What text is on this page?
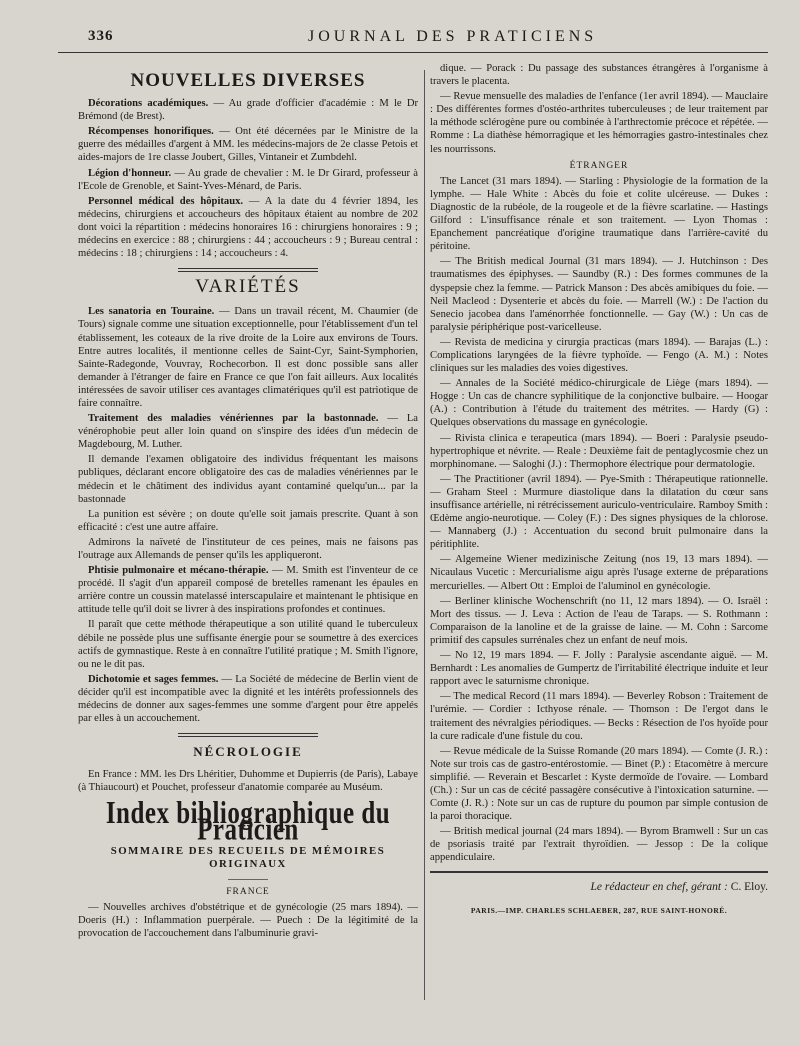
336	JOURNAL DES PRATICIENS
NOUVELLES DIVERSES

Décorations académiques. — Au grade d'officier d'académie : M le Dr Brémond (de Brest).

Récompenses honorifiques. — Ont été décernées par le Ministre de la guerre des médailles d'argent à MM. les médecins-majors de 2e classe Petois et aides-majors de 1re classe Joubert, Gilles, Vintaneir et Zumbdehl.

Légion d'honneur. — Au grade de chevalier : M. le Dr Girard, professeur à l'Ecole de Grenoble, et Saint-Yves-Ménard, de Paris.

Personnel médical des hôpitaux. — A la date du 4 février 1894, les médecins, chirurgiens et accoucheurs des hôpitaux étaient au nombre de 202 dont voici la répartition : médecins honoraires 16 : chirurgiens honoraires : 9 ; médecins en exercice : 88 ; chirurgiens : 44 ; accoucheurs : 9 ; Bureau central : médecins : 18 ; chirurgiens : 14 ; accoucheurs : 4.

VARIÉTÉS

Les sanatoria en Touraine. — Dans un travail récent, M. Chaumier (de Tours) signale comme une situation exceptionnelle, pour l'établissement d'un tel établissement, les coteaux de la rive droite de la Loire aux environs de Tours. Entre autres localités, il mentionne celles de Saint-Cyr, Saint-Symphorien, Sainte-Radegonde, Vouvray, Rochecorbon. Il est donc possible sans aller demander à l'étranger de faire en France ce que l'on fait ailleurs. Aux localités intéressées de savoir utiliser ces avantages climatériques qu'il est patriotique de faire connaître.

Traitement des maladies vénériennes par la bastonnade. — La vénérophobie peut aller loin quand on s'inspire des idées d'un médecin de Magdebourg, M. Luther.

Il demande l'examen obligatoire des individus fréquentant les maisons publiques, déclarant encore obligatoire des cas de maladies vénériennes par le médecin et le châtiment des individus ayant contaminé quelqu'un... par la bastonnade

La punition est sévère ; on doute qu'elle soit jamais prescrite. Quant à son efficacité : c'est une autre affaire.

Admirons la naïveté de l'instituteur de ces peines, mais ne faisons pas l'outrage aux Allemands de penser qu'ils les appliqueront.

Phtisie pulmonaire et mécano-thérapie. — M. Smith est l'inventeur de ce procédé. Il s'agit d'un appareil composé de bretelles ramenant les épaules en arrière contre un coussin matelassé interscapulaire et maintenant le phtisique en attitude telle qu'il doit se livrer à des inspirations profondes et continues.

Il paraît que cette méthode thérapeutique a son utilité quand le tuberculeux débile ne possède plus une suffisante énergie pour se soumettre à des exercices actifs de gymnastique. Reste à en connaître l'utilité pratique ; M. Smith l'ignore, ou ne le dit pas.

Dichotomie et sages femmes. — La Société de médecine de Berlin vient de décider qu'il est incompatible avec la dignité et les intérêts professionnels des médecins de donner aux sages-femmes une somme d'argent pour être appelés par elles à un accouchement.

NÉCROLOGIE

En France : MM. les Drs Lhéritier, Duhomme et Dupierris (de Paris), Labaye (à Thiaucourt) et Pouchet, professeur d'anatomie comparée au Muséum.

Index bibliographique du Praticien
SOMMAIRE DES RECUEILS DE MÉMOIRES ORIGINAUX
FRANCE

— Nouvelles archives d'obstétrique et de gynécologie (25 mars 1894). — Doeris (H.) : Inflammation puerpérale. — Puech : De la légitimité de la provocation de l'accouchement dans l'albuminurie gravi-

dique. — Porack : Du passage des substances étrangères à l'organisme à travers le placenta.

— Revue mensuelle des maladies de l'enfance (1er avril 1894). — Mauclaire : Des différentes formes d'ostéo-arthrites tuberculeuses ; de leur traitement par la méthode sclérogène pure ou combinée à l'arthrectomie précoce et répétée. — Romme : La diathèse hémorragique et les hémorragies gastro-intestinales chez les nourrissons.

ÉTRANGER

The Lancet (31 mars 1894). — Starling : Physiologie de la formation de la lymphe. — Hale White : Abcès du foie et colite ulcéreuse. — Dukes : Diagnostic de la rubéole, de la rougeole et de la fièvre scarlatine. — Hastings Gilford : L'insuffisance rénale et son traitement. — Lyon Thomas : Epanchement pancréatique d'origine traumatique dans l'arrière-cavité du péritoine.

— The British medical Journal (31 mars 1894). — J. Hutchinson : Des traumatismes des épiphyses. — Saundby (R.) : Des formes communes de la dyspepsie chez la femme. — Patrick Manson : Des abcès amibiques du foie. — Neil Macleod : Dysenterie et abcès du foie. — Marrell (W.) : De l'action du Senecio jacobea dans l'aménorrhée fonctionnelle. — Gay (W.) : Un cas de paralysie périphérique post-varicelleuse.

— Revista de medicina y cirurgia practicas (mars 1894). — Barajas (L.) : Complications laryngées de la fièvre typhoïde. — Fengo (A. M.) : Notes cliniques sur les maladies des voies digestives.

— Annales de la Société médico-chirurgicale de Liège (mars 1894). — Hogge : Un cas de chancre syphilitique de la conjonctive bulbaire. — Hoogar (A.) : Contribution à l'étude du traitement des métrites. — Hardy (G) : Quelques observations du massage en gynécologie.

— Rivista clinica e terapeutica (mars 1894). — Boeri : Paralysie pseudo-hypertrophique et névrite. — Reale : Deuxième fait de pentaglycosmie chez un morphinomane. — Saloghi (J.) : Thermophore électrique pour dermatologie.

— The Practitioner (avril 1894). — Pye-Smith : Thérapeutique rationnelle. — Graham Steel : Murmure diastolique dans la dilatation du cœur sans insuffisance artérielle, ni rétrécissement auriculo-ventriculaire. Ramboy Smith : Œdème angio-neurotique. — Coley (F.) : Des signes physiques de la chlorose. — Mannaberg (J.) : Accentuation du second bruit pulmonaire dans la péritiphlite.

— Algemeine Wiener medizinische Zeitung (nos 19, 13 mars 1894). — Nicaulaus Vucetic : Mercurialisme aigu après l'usage externe de préparations mercurielles. — Albert Ott : Emploi de l'aluminol en gynécologie.

— Berliner klinische Wochenschrift (no 11, 12 mars 1894). — O. Israël : Mort des tissus. — J. Leva : Action de l'eau de Taraps. — S. Rothmann : Comparaison de la lanoline et de la graisse de laine. — M. Cohn : Sarcome primitif des capsules surrénales chez un enfant de neuf mois.

— No 12, 19 mars 1894. — F. Jolly : Paralysie ascendante aiguë. — M. Bernhardt : Les anomalies de Gumpertz de l'irritabilité électrique induite et leur rapport avec le saturnisme chronique.

— The medical Record (11 mars 1894). — Beverley Robson : Traitement de l'urémie. — Cordier : Icthyose rénale. — Thomson : De l'ergot dans le traitement des névralgies périodiques. — Becks : Résection de l'os hyoïde pour la cure radicale d'une fistule du cou.

— Revue médicale de la Suisse Romande (20 mars 1894). — Comte (J. R.) : Note sur trois cas de gastro-entérostomie. — Binet (P.) : Etacomètre à mercure simplifié. — Reverain et Bescarlet : Kyste dermoïde de l'ovaire. — Lombard (Ch.) : Sur un cas de cécité passagère consécutive à l'intoxication saturnine. — Comte (J. R.) : Note sur un cas de rupture du poumon par simple contusion de la paroi thoracique.

— British medical journal (24 mars 1894). — Byrom Bramwell : Sur un cas de psoriasis traité par l'extrait thyroïdien. — Jessop : De la colique appendiculaire.

Le rédacteur en chef, gérant : C. Eloy.
PARIS.—IMP. CHARLES SCHLAEBER, 287, RUE SAINT-HONORÉ.
